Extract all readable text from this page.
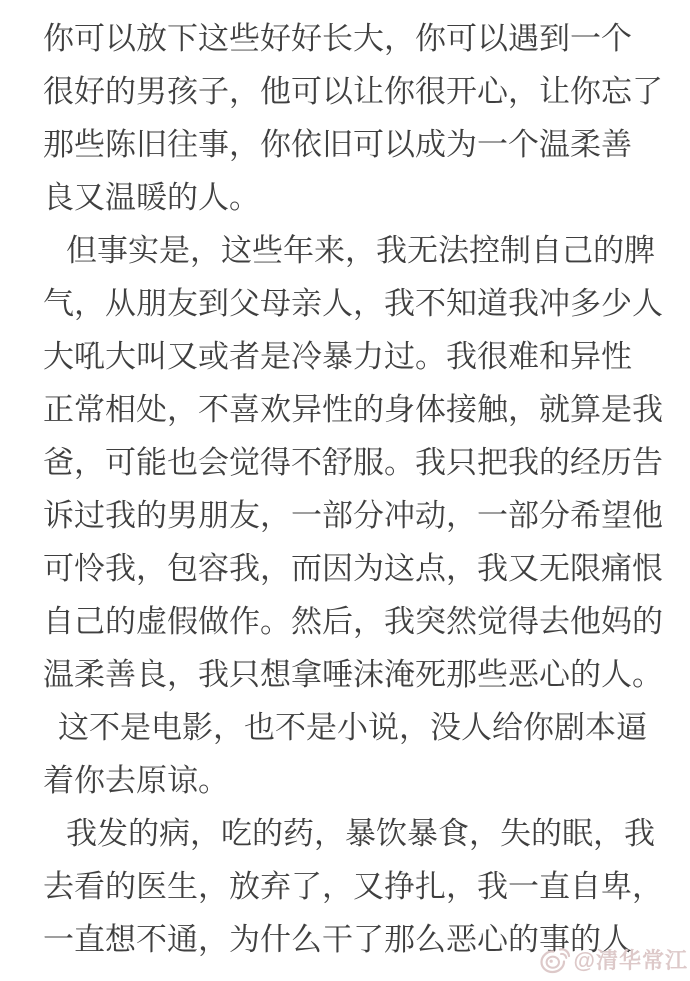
你可以放下这些好好长大，你可以遇到一个
很好的男孩子，他可以让你很开心，让你忘了
那些陈旧往事，你依旧可以成为一个温柔善
良又温暖的人。
但事实是，这些年来，我无法控制自己的脾
气，从朋友到父母亲人，我不知道我冲多少人
大吼大叫又或者是冷暴力过。我很难和异性
正常相处，不喜欢异性的身体接触，就算是我
爸，可能也会觉得不舒服。我只把我的经历告
诉过我的男朋友，一部分冲动，一部分希望他
可怜我，包容我，而因为这点，我又无限痛恨
自己的虚假做作。然后，我突然觉得去他妈的
温柔善良，我只想拿唾沫淹死那些恶心的人。
这不是电影，也不是小说，没人给你剧本逼
着你去原谅。
我发的病，吃的药，暴饮暴食，失的眠，我
去看的医生，放弃了，又挣扎，我一直自卑，
一直想不通，为什么干了那么恶心的事的人
@清华常江
